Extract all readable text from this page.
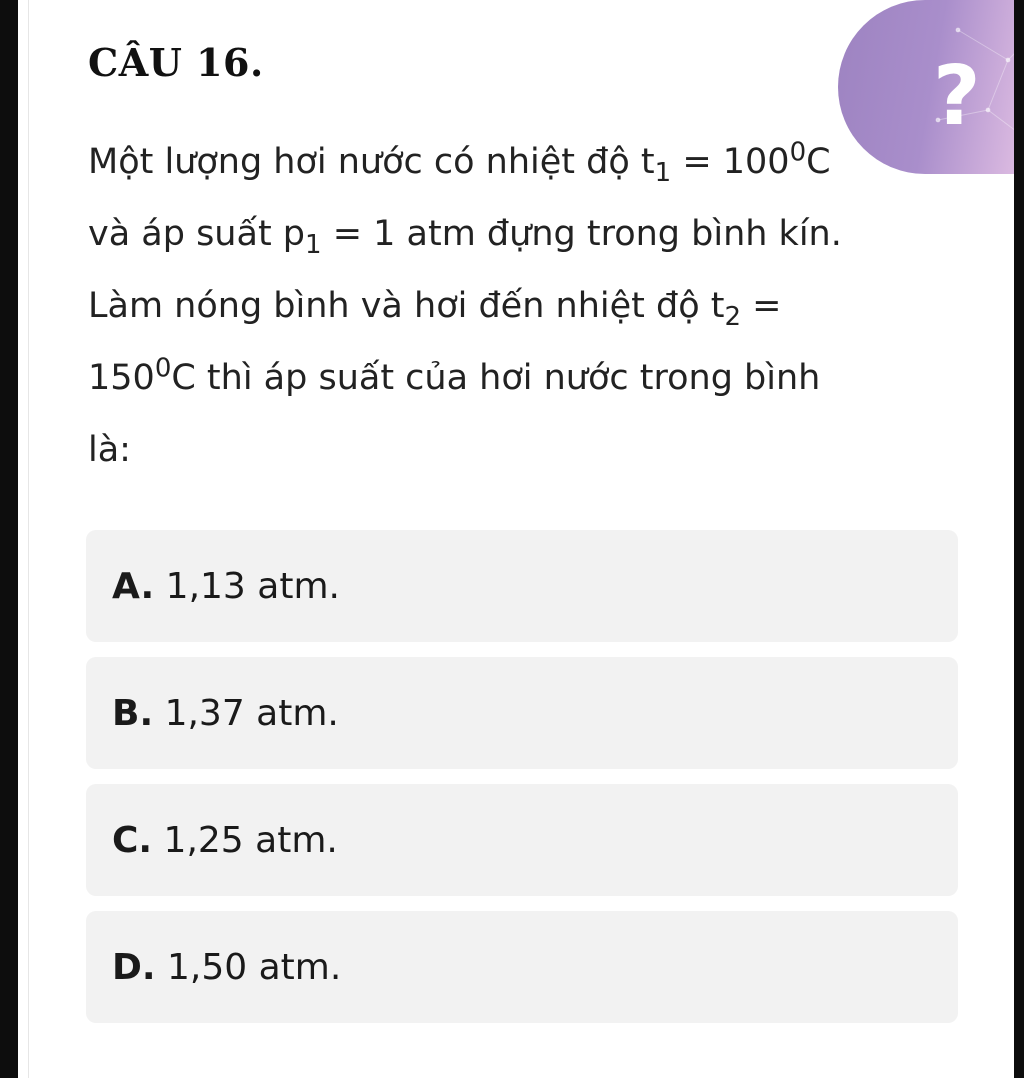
CÂU 16.	?
Một lượng hơi nước có nhiệt độ $t_1 = 100^0C$
và áp suất $p_1 = 1$ atm đựng trong bình kín.
Làm nóng bình và hơi đến nhiệt độ $t_2$ =
$150^0C$ thì áp suất của hơi nước trong bình
là:
A. 1,13 atm.
B. 1,37 atm.
C. 1,25 atm.
D. 1,50 atm.
